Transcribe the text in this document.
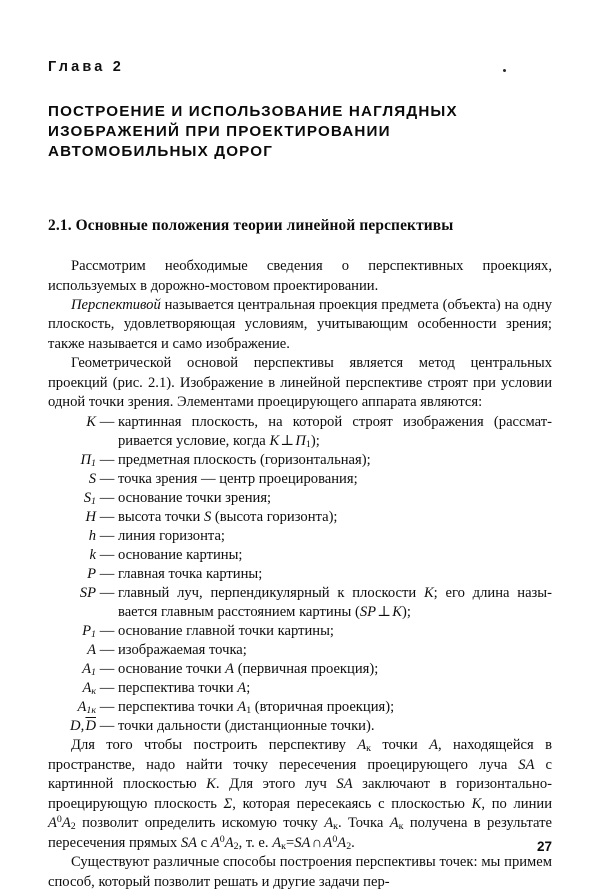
Глава 2
ПОСТРОЕНИЕ И ИСПОЛЬЗОВАНИЕ НАГЛЯДНЫХ
ИЗОБРАЖЕНИЙ ПРИ ПРОЕКТИРОВАНИИ
АВТОМОБИЛЬНЫХ ДОРОГ
2.1. Основные положения теории линейной перспективы

Рассмотрим необходимые сведения о перспективных проекциях, используемых в дорожно-мостовом проектировании.

Перспективой называется центральная проекция предмета (объекта) на одну плоскость, удовлетворяющая условиям, учитывающим особенности зрения; также называется и само изображение.

Геометрической основой перспективы является метод центральных проекций (рис. 2.1). Изображение в линейной перспективе строят при условии одной точки зрения. Элементами проецирующего аппарата являются:

K — картинная плоскость, на которой строят изображения (рассматривается условие, когда K ⊥ $П_1$);
$П_1$ — предметная плоскость (горизонтальная);
S — точка зрения — центр проецирования;
$S_1$ — основание точки зрения;
H — высота точки S (высота горизонта);
h — линия горизонта;
k — основание картины;
P — главная точка картины;
SP — главный луч, перпендикулярный к плоскости K; его длина называется главным расстоянием картины (SP ⊥ K);
$P_1$ — основание главной точки картины;
A — изображаемая точка;
$A_1$ — основание точки A (первичная проекция);
$A_к$ — перспектива точки A;
$A_{1к}$ — перспектива точки $A_1$ (вторичная проекция);
D, $\overline{D}$ — точки дальности (дистанционные точки).

Для того чтобы построить перспективу $A_к$ точки A, находящейся в пространстве, надо найти точку пересечения проецирующего луча SA с картинной плоскостью K. Для этого луч SA заключают в горизонтально-проецирующую плоскость Σ, которая пересекаясь с плоскостью K, по линии $A^0A_2$ позволит определить искомую точку $A_к$. Точка $A_к$ получена в результате пересечения прямых SA с $A^0A_2$, т. е. $A_к=SA$ ∩ $A^0A_2$.

Существуют различные способы построения перспективы точек: мы примем способ, который позволит решать и другие задачи пер-

27
